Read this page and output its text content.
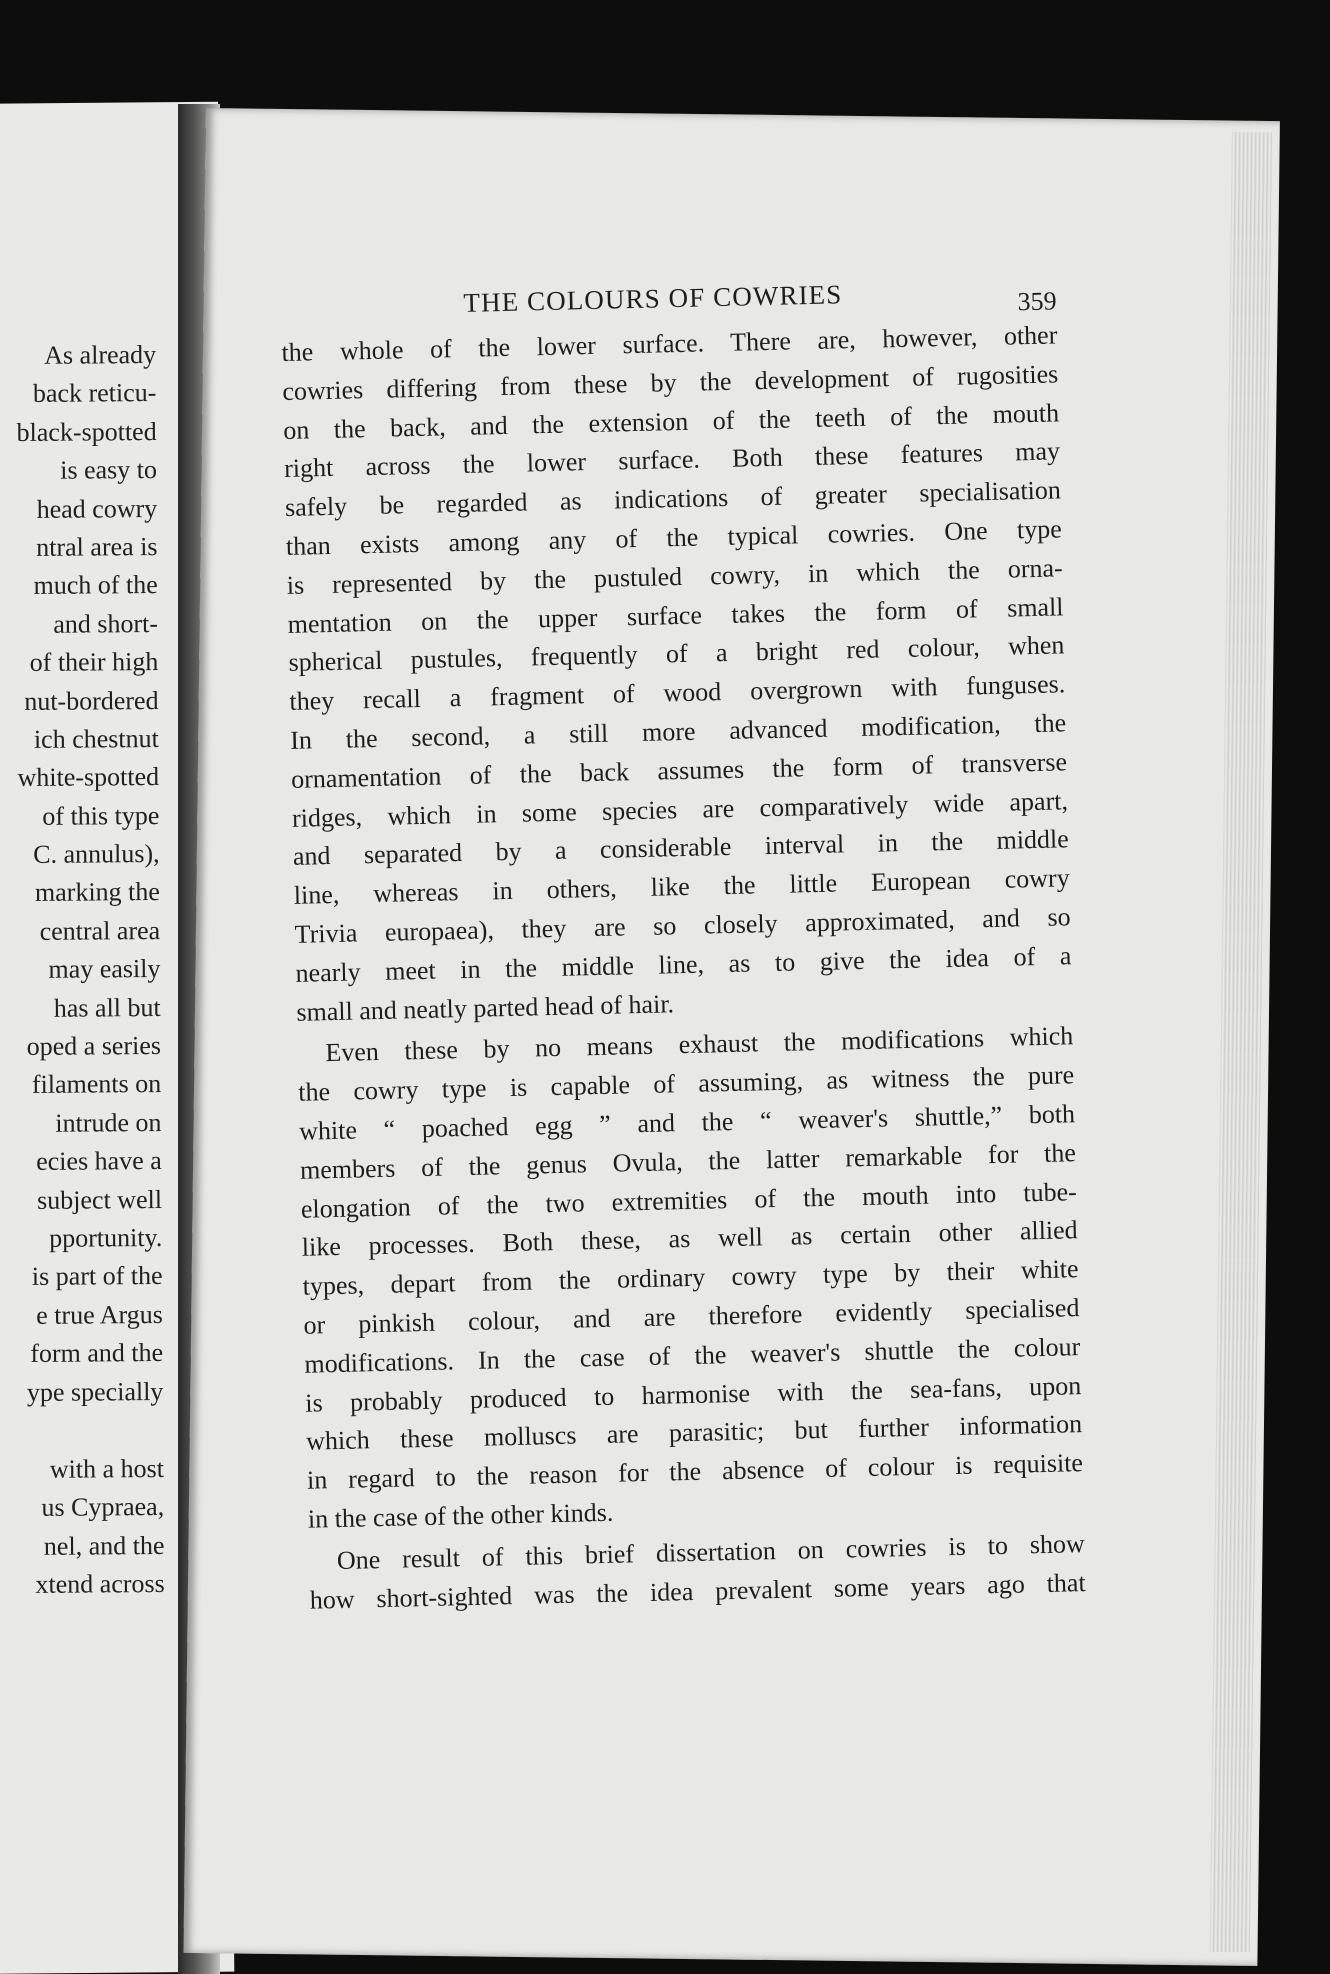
As already
back reticu-
black-spotted
is easy to
head cowry
ntral area is
much of the
and short-
of their high
nut-bordered
ich chestnut
white-spotted
of this type
C. annulus),
marking the
central area
may easily
has all but
oped a series
filaments on
intrude on
ecies have a
subject well
pportunity.
is part of the
e true Argus
form and the
ype specially
with a host
us Cypraea,
nel, and the
xtend across
THE COLOURS OF COWRIES	359

the whole of the lower surface. There are, however, other
cowries differing from these by the development of rugosities
on the back, and the extension of the teeth of the mouth
right across the lower surface. Both these features may
safely be regarded as indications of greater specialisation
than exists among any of the typical cowries. One type
is represented by the pustuled cowry, in which the orna-
mentation on the upper surface takes the form of small
spherical pustules, frequently of a bright red colour, when
they recall a fragment of wood overgrown with funguses.
In the second, a still more advanced modification, the
ornamentation of the back assumes the form of transverse
ridges, which in some species are comparatively wide apart,
and separated by a considerable interval in the middle
line, whereas in others, like the little European cowry
Trivia europaea), they are so closely approximated, and so
nearly meet in the middle line, as to give the idea of a
small and neatly parted head of hair.

Even these by no means exhaust the modifications which
the cowry type is capable of assuming, as witness the pure
white “ poached egg ” and the “ weaver's shuttle,” both
members of the genus Ovula, the latter remarkable for the
elongation of the two extremities of the mouth into tube-
like processes. Both these, as well as certain other allied
types, depart from the ordinary cowry type by their white
or pinkish colour, and are therefore evidently specialised
modifications. In the case of the weaver's shuttle the colour
is probably produced to harmonise with the sea-fans, upon
which these molluscs are parasitic; but further information
in regard to the reason for the absence of colour is requisite
in the case of the other kinds.

One result of this brief dissertation on cowries is to show
how short-sighted was the idea prevalent some years ago that
